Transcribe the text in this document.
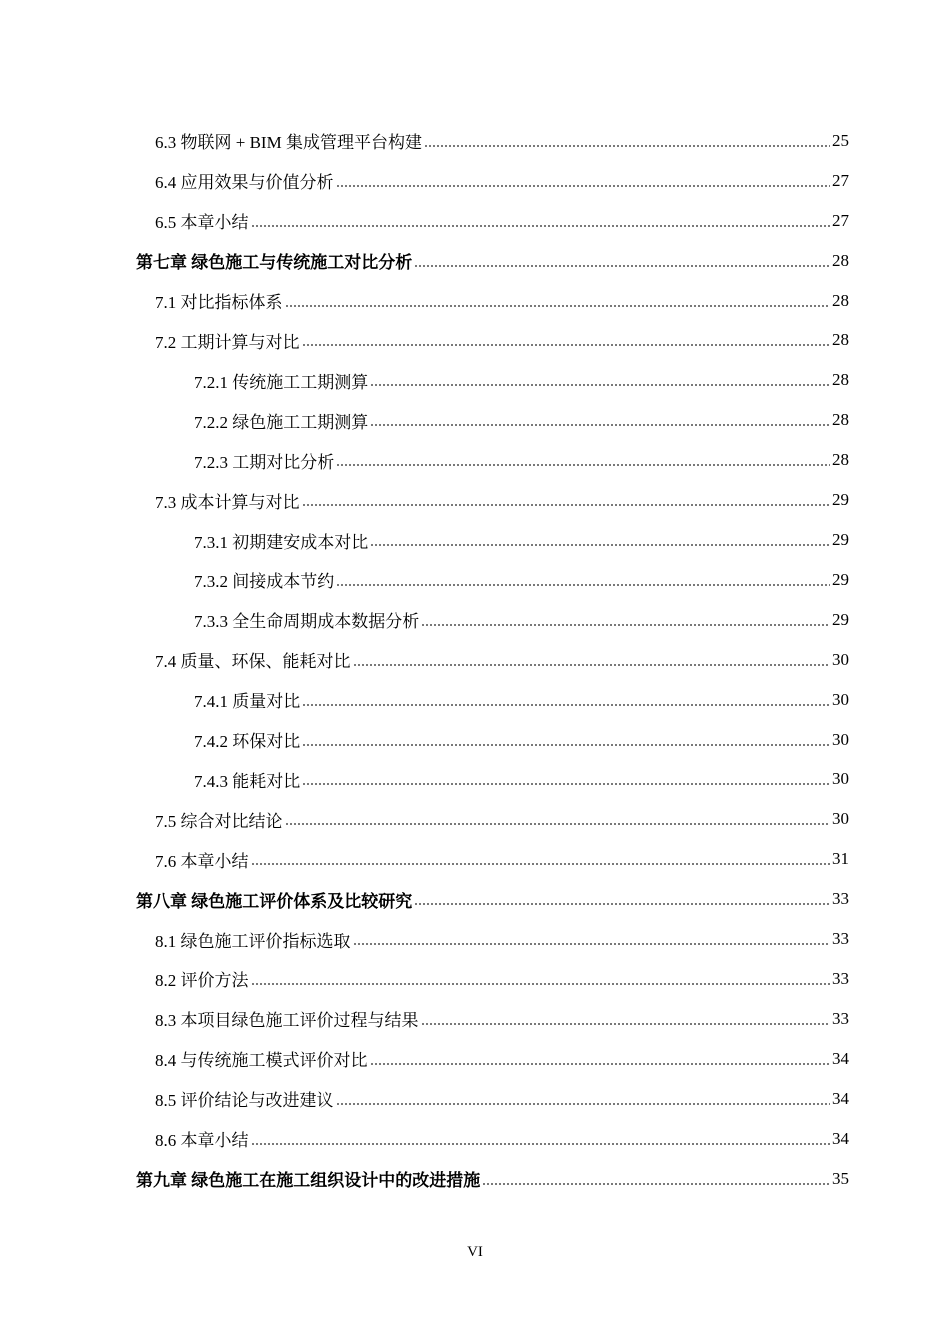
6.3 物联网 + BIM 集成管理平台构建	25
6.4 应用效果与价值分析	27
6.5 本章小结	27
第七章 绿色施工与传统施工对比分析	28
7.1 对比指标体系	28
7.2 工期计算与对比	28
7.2.1 传统施工工期测算	28
7.2.2 绿色施工工期测算	28
7.2.3 工期对比分析	28
7.3 成本计算与对比	29
7.3.1 初期建安成本对比	29
7.3.2 间接成本节约	29
7.3.3 全生命周期成本数据分析	29
7.4 质量、环保、能耗对比	30
7.4.1 质量对比	30
7.4.2 环保对比	30
7.4.3 能耗对比	30
7.5 综合对比结论	30
7.6 本章小结	31
第八章 绿色施工评价体系及比较研究	33
8.1 绿色施工评价指标选取	33
8.2 评价方法	33
8.3 本项目绿色施工评价过程与结果	33
8.4 与传统施工模式评价对比	34
8.5 评价结论与改进建议	34
8.6 本章小结	34
第九章 绿色施工在施工组织设计中的改进措施	35
VI
